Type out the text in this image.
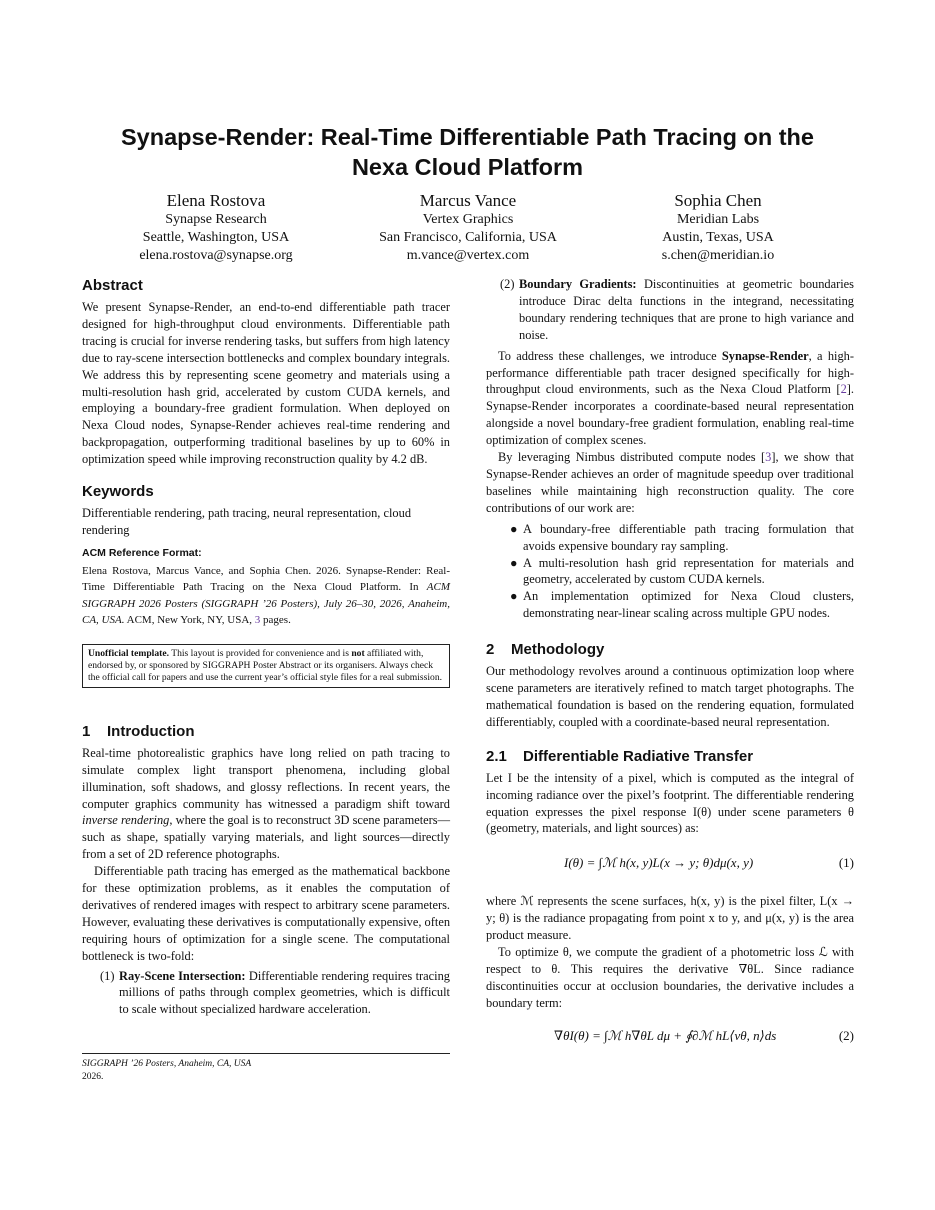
Synapse-Render: Real-Time Differentiable Path Tracing on the
Nexa Cloud Platform
Elena Rostova
Synapse Research
Seattle, Washington, USA
elena.rostova@synapse.org
Marcus Vance
Vertex Graphics
San Francisco, California, USA
m.vance@vertex.com
Sophia Chen
Meridian Labs
Austin, Texas, USA
s.chen@meridian.io
Abstract

We present Synapse-Render, an end-to-end differentiable path tracer designed for high-throughput cloud environments. Differentiable path tracing is crucial for inverse rendering tasks, but suffers from high latency due to ray-scene intersection bottlenecks and complex boundary integrals. We address this by representing scene geometry and materials using a multi-resolution hash grid, accelerated by custom CUDA kernels, and employing a boundary-free gradient formulation. When deployed on Nexa Cloud nodes, Synapse-Render achieves real-time rendering and backpropagation, outperforming traditional baselines by up to 60% in optimization speed while improving reconstruction quality by 4.2 dB.

Keywords

Differentiable rendering, path tracing, neural representation, cloud rendering

ACM Reference Format:

Elena Rostova, Marcus Vance, and Sophia Chen. 2026. Synapse-Render: Real-Time Differentiable Path Tracing on the Nexa Cloud Platform. In ACM SIGGRAPH 2026 Posters (SIGGRAPH ’26 Posters), July 26–30, 2026, Anaheim, CA, USA. ACM, New York, NY, USA, 3 pages.

Unofficial template. This layout is provided for convenience and is not affiliated with, endorsed by, or sponsored by SIGGRAPH Poster Abstract or its organisers. Always check the official call for papers and use the current year’s official style files for a real submission.

1 Introduction

Real-time photorealistic graphics have long relied on path tracing to simulate complex light transport phenomena, including global illumination, soft shadows, and glossy reflections. In recent years, the computer graphics community has witnessed a paradigm shift toward inverse rendering, where the goal is to reconstruct 3D scene parameters—such as shape, spatially varying materials, and light sources—directly from a set of 2D reference photographs.

Differentiable path tracing has emerged as the mathematical backbone for these optimization problems, as it enables the computation of derivatives of rendered images with respect to arbitrary scene parameters. However, evaluating these derivatives is computationally expensive, often requiring hours of optimization for a single scene. The computational bottleneck is two-fold:

(1) Ray-Scene Intersection: Differentiable rendering requires tracing millions of paths through complex geometries, which is difficult to scale without specialized hardware acceleration.
(2) Boundary Gradients: Discontinuities at geometric boundaries introduce Dirac delta functions in the integrand, necessitating boundary rendering techniques that are prone to high variance and noise.

To address these challenges, we introduce Synapse-Render, a high-performance differentiable path tracer designed specifically for high-throughput cloud environments, such as the Nexa Cloud Platform [2]. Synapse-Render incorporates a coordinate-based neural representation alongside a novel boundary-free gradient formulation, enabling real-time optimization of complex scenes.

By leveraging Nimbus distributed compute nodes [3], we show that Synapse-Render achieves an order of magnitude speedup over traditional baselines while maintaining high reconstruction quality. The core contributions of our work are:

● A boundary-free differentiable path tracing formulation that avoids expensive boundary ray sampling.
● A multi-resolution hash grid representation for materials and geometry, accelerated by custom CUDA kernels.
● An implementation optimized for Nexa Cloud clusters, demonstrating near-linear scaling across multiple GPU nodes.
2 Methodology

Our methodology revolves around a continuous optimization loop where scene parameters are iteratively refined to match target photographs. The mathematical foundation is based on the rendering equation, formulated differentiably, coupled with a coordinate-based neural representation.

2.1 Differentiable Radiative Transfer

Let I be the intensity of a pixel, which is computed as the integral of incoming radiance over the pixel’s footprint. The differentiable rendering equation expresses the pixel response I(θ) under scene parameters θ (geometry, materials, and light sources) as:

I(θ) = ∫ℳ h(x, y)L(x → y; θ)dμ(x, y)	(1)

where ℳ represents the scene surfaces, h(x, y) is the pixel filter, L(x → y; θ) is the radiance propagating from point x to y, and μ(x, y) is the area product measure.

To optimize θ, we compute the gradient of a photometric loss ℒ with respect to θ. This requires the derivative ∇θL. Since radiance discontinuities occur at occlusion boundaries, the derivative includes a boundary term:

∇θI(θ) = ∫ℳ h∇θL dμ + ∮∂ℳ hL⟨vθ, n⟩ds	(2)
SIGGRAPH ’26 Posters, Anaheim, CA, USA
2026.
